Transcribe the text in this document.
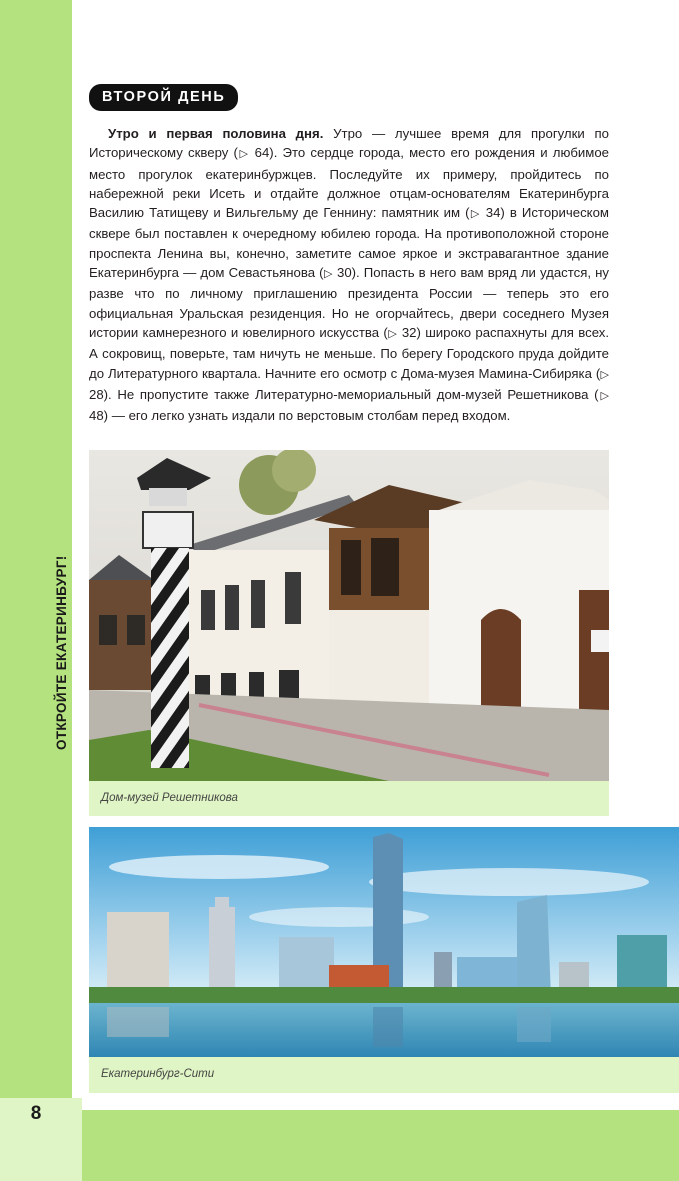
ОТКРОЙТЕ ЕКАТЕРИНБУРГ!
8
ВТОРОЙ ДЕНЬ

Утро и первая половина дня. Утро — лучшее время для прогулки по Историческому скверу (▷ 64). Это сердце города, место его рождения и любимое место прогулок екатеринбуржцев. Последуйте их примеру, пройдитесь по набережной реки Исеть и отдайте должное отцам-основателям Екатеринбурга Василию Татищеву и Вильгельму де Геннину: памятник им (▷ 34) в Историческом сквере был поставлен к очередному юбилею города. На противоположной стороне проспекта Ленина вы, конечно, заметите самое яркое и экстравагантное здание Екатеринбурга — дом Севастьянова (▷ 30). Попасть в него вам вряд ли удастся, ну разве что по личному приглашению президента России — теперь это его официальная Уральская резиденция. Но не огорчайтесь, двери соседнего Музея истории камнерезного и ювелирного искусства (▷ 32) широко распахнуты для всех. А сокровищ, поверьте, там ничуть не меньше. По берегу Городского пруда дойдите до Литературного квартала. Начните его осмотр с Дома-музея Мамина-Сибиряка (▷ 28). Не пропустите также Литературно-мемориальный дом-музей Решетникова (▷ 48) — его легко узнать издали по верстовым столбам перед входом.

Дом-музей Решетникова
Екатеринбург-Сити
